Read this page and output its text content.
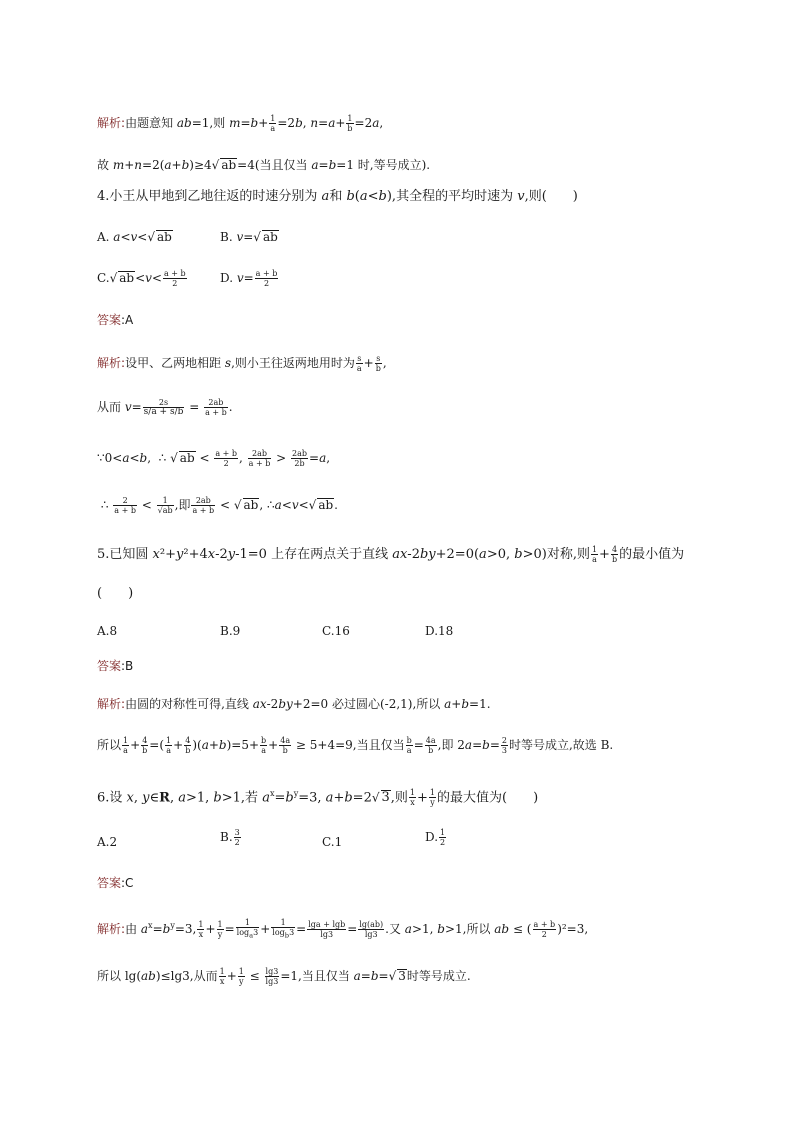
解析:由题意知 ab=1,则 $m=b+ \frac{1}{a} =2b$, $n=a+ \frac{1}{b} =2a$,
故 m+n=2(a+b)≥4√ ab=4(当且仅当 a=b=1 时,等号成立).
4.小王从甲地到乙地往返的时速分别为 a和 b(a<b),其全程的平均时速为 v,则(　　)
A. a<v<√ ab	B. v=√ ab
C.√ $ab<v< \frac{a + b}{2}$	D. $v= \frac{a + b}{2}$
答案:A
解析:设甲、乙两地相距 s,则小王往返两地用时为 $\frac{s}{a} + \frac{s}{b}$ ,
从而 $v= \frac{2s}{s/a + s/b} = \frac{2ab}{a + b}$ .
∵0<a<b,  ∴ √ ab < $\frac{a + b}{2}$ , $\frac{2ab}{a + b} > \frac{2ab}{2b} =a$,
∴ $\frac{2}{a + b} < \frac{1}{√ab}$ ,即 $\frac{2ab}{a + b}$ < √ ab, ∴a<v<√ ab.
5.已知圆 x²+y²+4x-2y-1=0 上存在两点关于直线 ax-2by+2=0(a>0, b>0)对称,则 $\frac{1}{a} + \frac{4}{b}$ 的最小值为
(　　)
A.8	B.9	C.16	D.18
答案:B
解析:由圆的对称性可得,直线 ax-2by+2=0 必过圆心(-2,1),所以 a+b=1.
所以 $\frac{1}{a} + \frac{4}{b}$ =( $\frac{1}{a} + \frac{4}{b} )(a+b)=5+ \frac{b}{a} + \frac{4a}{b} \ge 5+4=9$,当且仅当 $\frac{b}{a} = \frac{4a}{b}$ ,即 $2a=b= \frac{2}{3}$ 时等号成立,故选 B.
6.设 x, y∈R, a>1, b>1,若 $a^x=b^y=3$, a+b=2√ 3,则 $\frac{1}{x} + \frac{1}{y}$ 的最大值为(　　)
A.2	B. $\frac{3}{2}$	C.1	D. $\frac{1}{2}$
答案:C
解析:由 $a^x=b^y=3$, $\frac{1}{x} + \frac{1}{y} = \frac{1}{\log_a3} + \frac{1}{\log_b3} = \frac{\lg a + \lg b}{\lg 3} = \frac{\lg(ab)}{\lg 3}$ .又 a>1, b>1,所以 ab ≤ ( $\frac{a + b}{2} )^2=3$,
所以 lg(ab)≤lg3,从而 $\frac{1}{x} + \frac{1}{y} \le \frac{\lg 3}{\lg 3} =1$,当且仅当 a=b=√ 3时等号成立.
